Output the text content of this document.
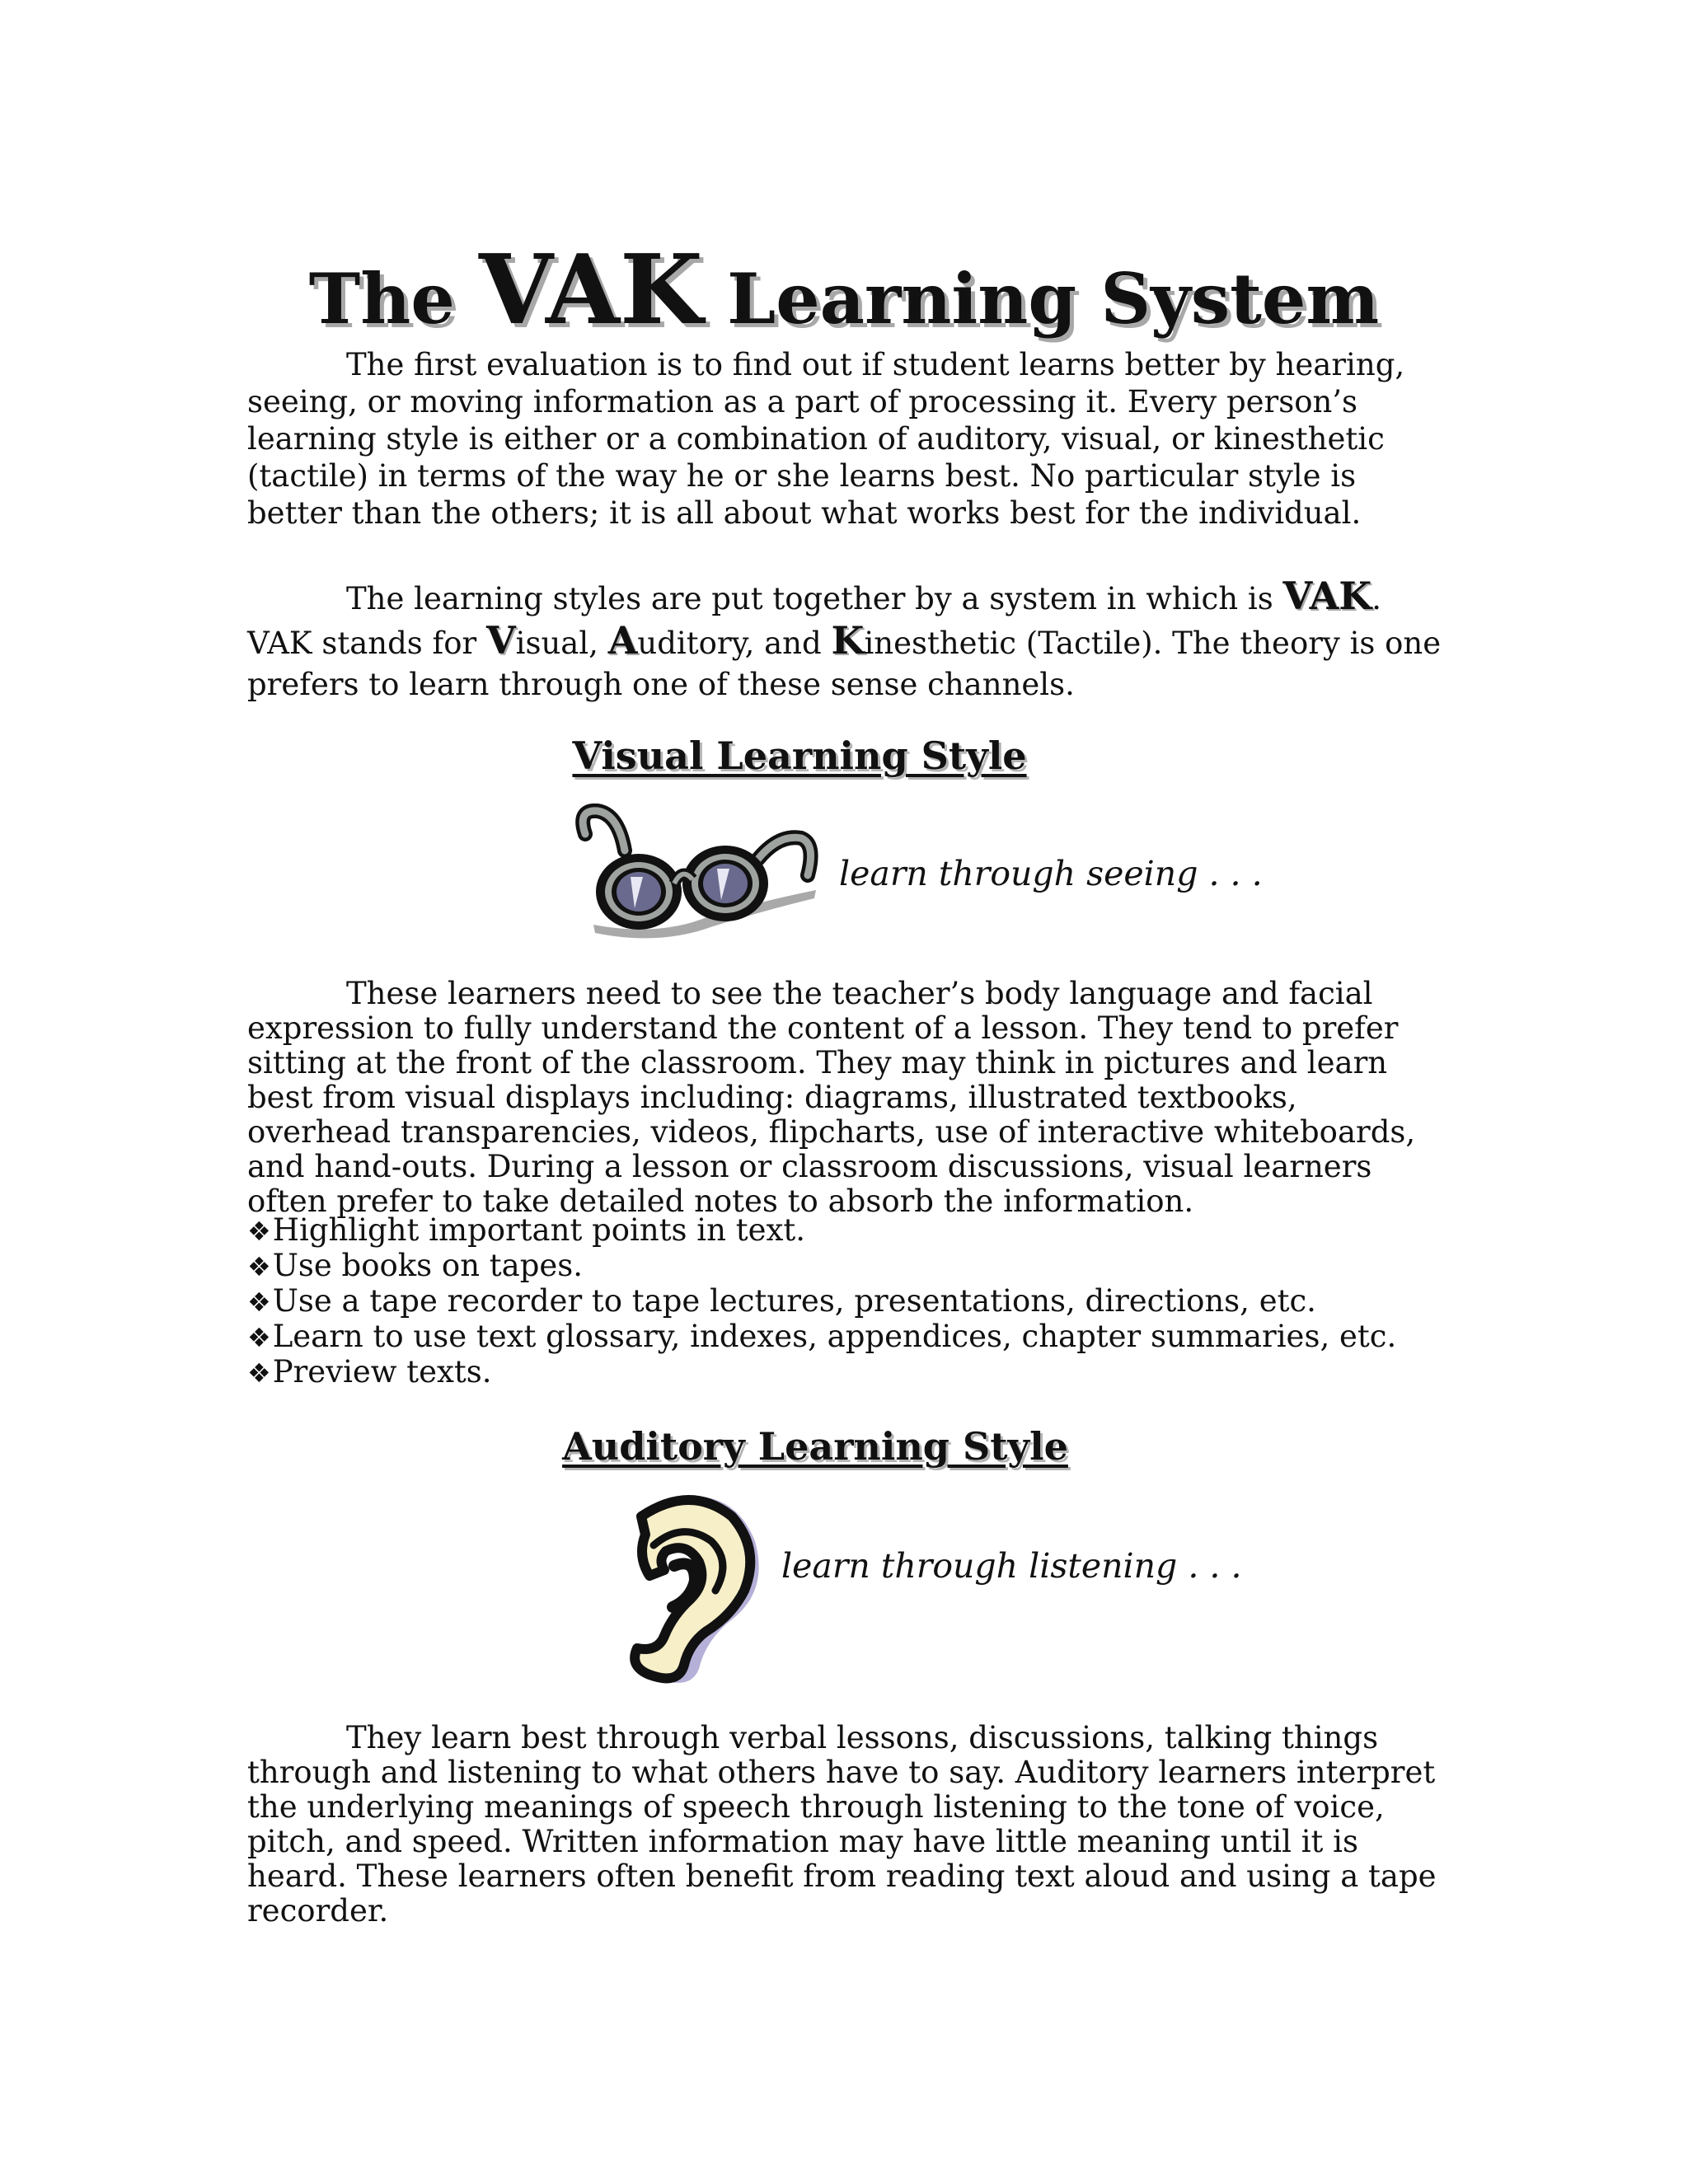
The VAK Learning System

The first evaluation is to find out if student learns better by hearing, seeing, or moving information as a part of processing it. Every person’s learning style is either or a combination of auditory, visual, or kinesthetic (tactile) in terms of the way he or she learns best. No particular style is better than the others; it is all about what works best for the individual.

The learning styles are put together by a system in which is VAK. VAK stands for Visual, Auditory, and Kinesthetic (Tactile). The theory is one prefers to learn through one of these sense channels.

Visual Learning Style
learn through seeing . . .

These learners need to see the teacher’s body language and facial expression to fully understand the content of a lesson. They tend to prefer sitting at the front of the classroom. They may think in pictures and learn best from visual displays including: diagrams, illustrated textbooks, overhead transparencies, videos, flipcharts, use of interactive whiteboards, and hand-outs. During a lesson or classroom discussions, visual learners often prefer to take detailed notes to absorb the information.

❖Highlight important points in text.
❖Use books on tapes.
❖Use a tape recorder to tape lectures, presentations, directions, etc.
❖Learn to use text glossary, indexes, appendices, chapter summaries, etc.
❖Preview texts.
Auditory Learning Style
learn through listening . . .

They learn best through verbal lessons, discussions, talking things through and listening to what others have to say. Auditory learners interpret the underlying meanings of speech through listening to the tone of voice, pitch, and speed. Written information may have little meaning until it is heard. These learners often benefit from reading text aloud and using a tape recorder.
